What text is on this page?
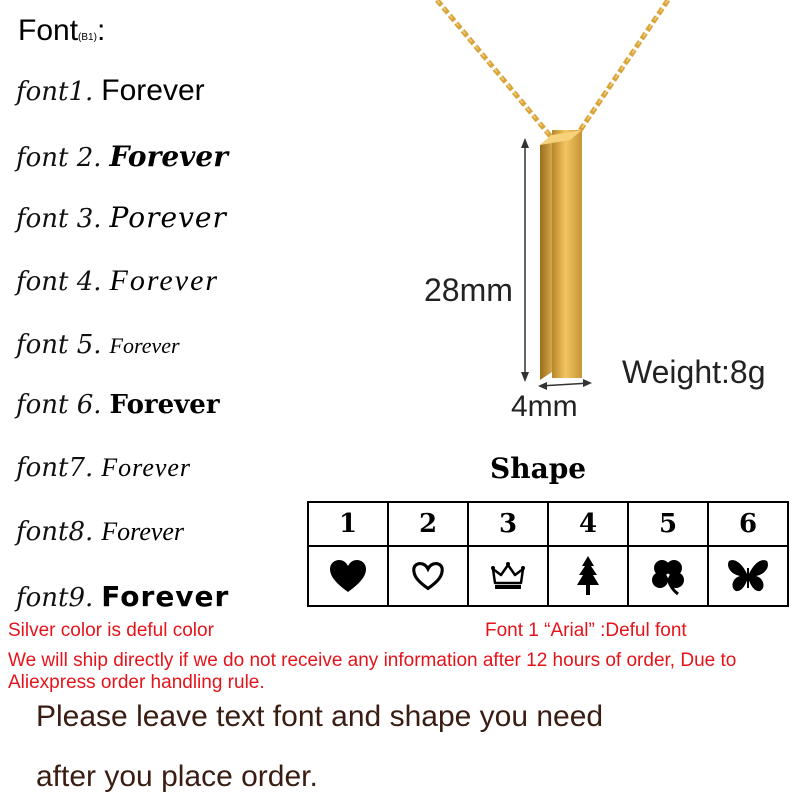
Font(B1):
font1. Forever
font 2. Forever
font 3. Porever
font 4. Forever
font 5. Forever
font 6. Forever
font7. Forever
font8. Forever
font9. Forever
28mm
4mm
Weight:8g
Shape
1	2	3	4	5	6

Silver color is deful color	Font 1 “Arial” :Deful font
We will ship directly if we do not receive any information after 12 hours of order, Due to Aliexpress order handling rule.
Please leave text font and shape you need
after you place order.
